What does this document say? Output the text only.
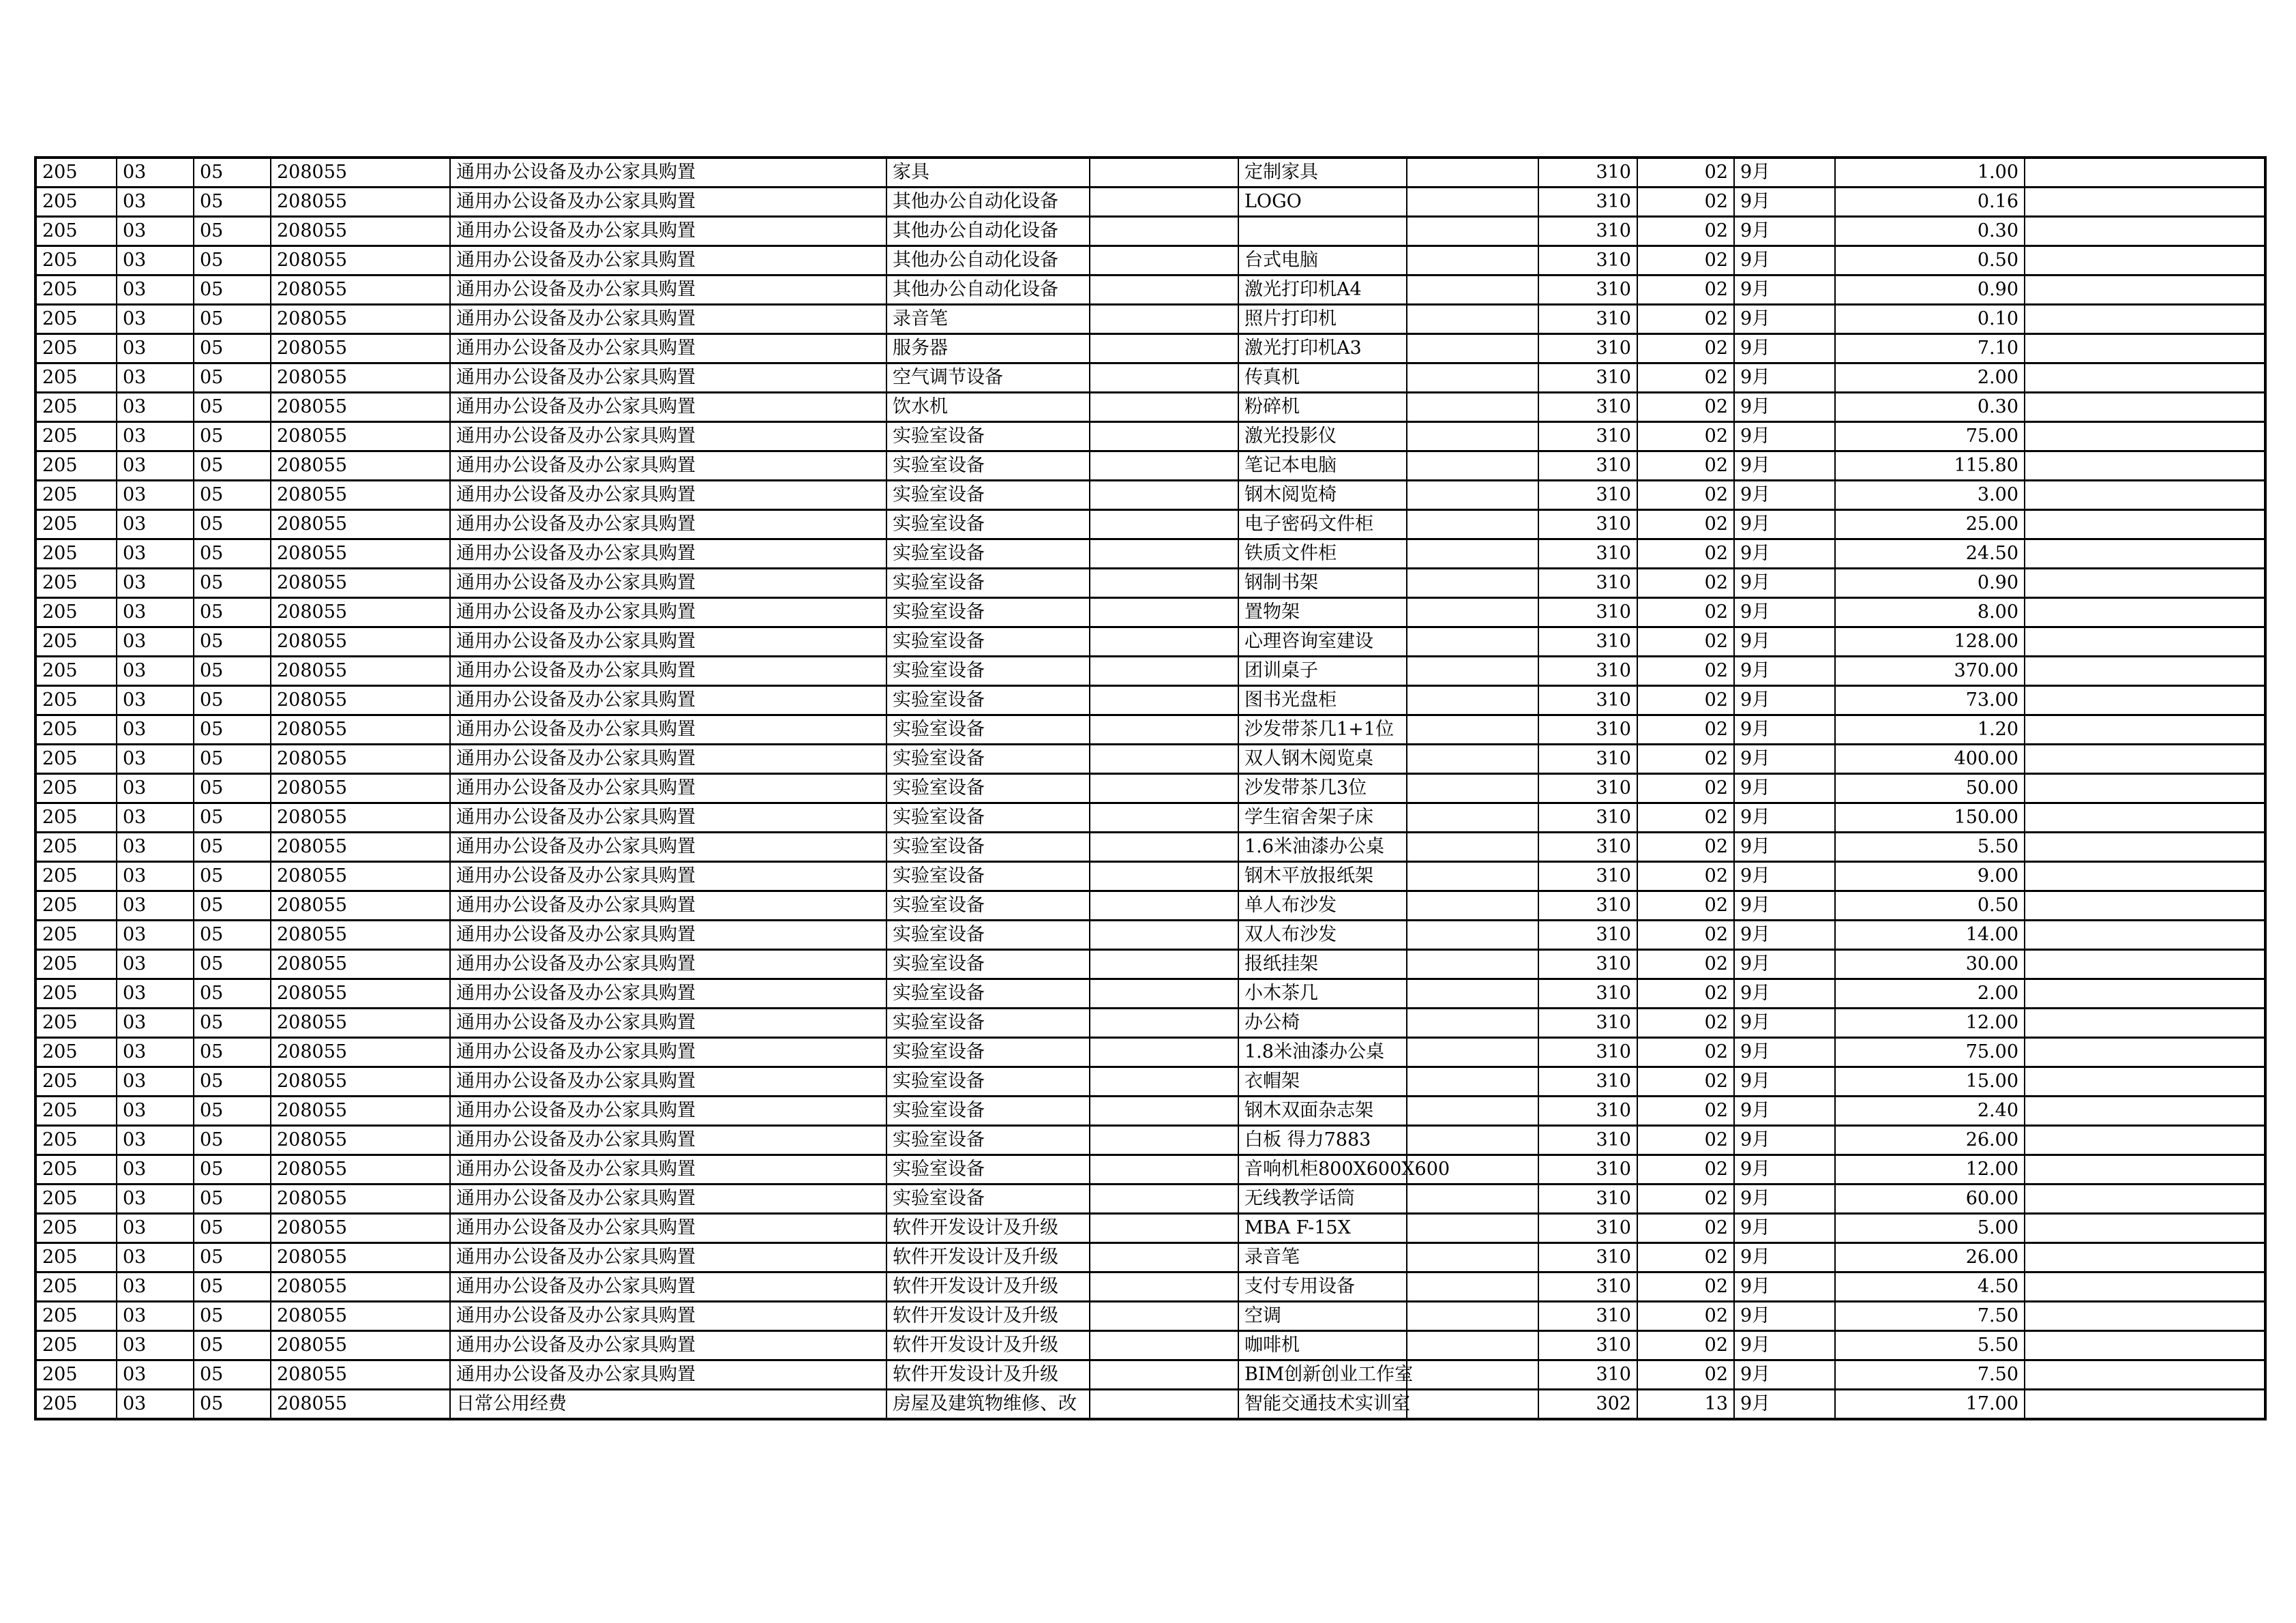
205	03	05	208055	通用办公设备及办公家具购置	家具		定制家具		310	02	9月	1.00	
205	03	05	208055	通用办公设备及办公家具购置	其他办公自动化设备		LOGO		310	02	9月	0.16	
205	03	05	208055	通用办公设备及办公家具购置	其他办公自动化设备				310	02	9月	0.30	
205	03	05	208055	通用办公设备及办公家具购置	其他办公自动化设备		台式电脑		310	02	9月	0.50	
205	03	05	208055	通用办公设备及办公家具购置	其他办公自动化设备		激光打印机A4		310	02	9月	0.90	
205	03	05	208055	通用办公设备及办公家具购置	录音笔		照片打印机		310	02	9月	0.10	
205	03	05	208055	通用办公设备及办公家具购置	服务器		激光打印机A3		310	02	9月	7.10	
205	03	05	208055	通用办公设备及办公家具购置	空气调节设备		传真机		310	02	9月	2.00	
205	03	05	208055	通用办公设备及办公家具购置	饮水机		粉碎机		310	02	9月	0.30	
205	03	05	208055	通用办公设备及办公家具购置	实验室设备		激光投影仪		310	02	9月	75.00	
205	03	05	208055	通用办公设备及办公家具购置	实验室设备		笔记本电脑		310	02	9月	115.80	
205	03	05	208055	通用办公设备及办公家具购置	实验室设备		钢木阅览椅		310	02	9月	3.00	
205	03	05	208055	通用办公设备及办公家具购置	实验室设备		电子密码文件柜		310	02	9月	25.00	
205	03	05	208055	通用办公设备及办公家具购置	实验室设备		铁质文件柜		310	02	9月	24.50	
205	03	05	208055	通用办公设备及办公家具购置	实验室设备		钢制书架		310	02	9月	0.90	
205	03	05	208055	通用办公设备及办公家具购置	实验室设备		置物架		310	02	9月	8.00	
205	03	05	208055	通用办公设备及办公家具购置	实验室设备		心理咨询室建设		310	02	9月	128.00	
205	03	05	208055	通用办公设备及办公家具购置	实验室设备		团训桌子		310	02	9月	370.00	
205	03	05	208055	通用办公设备及办公家具购置	实验室设备		图书光盘柜		310	02	9月	73.00	
205	03	05	208055	通用办公设备及办公家具购置	实验室设备		沙发带茶几1+1位		310	02	9月	1.20	
205	03	05	208055	通用办公设备及办公家具购置	实验室设备		双人钢木阅览桌		310	02	9月	400.00	
205	03	05	208055	通用办公设备及办公家具购置	实验室设备		沙发带茶几3位		310	02	9月	50.00	
205	03	05	208055	通用办公设备及办公家具购置	实验室设备		学生宿舍架子床		310	02	9月	150.00	
205	03	05	208055	通用办公设备及办公家具购置	实验室设备		1.6米油漆办公桌		310	02	9月	5.50	
205	03	05	208055	通用办公设备及办公家具购置	实验室设备		钢木平放报纸架		310	02	9月	9.00	
205	03	05	208055	通用办公设备及办公家具购置	实验室设备		单人布沙发		310	02	9月	0.50	
205	03	05	208055	通用办公设备及办公家具购置	实验室设备		双人布沙发		310	02	9月	14.00	
205	03	05	208055	通用办公设备及办公家具购置	实验室设备		报纸挂架		310	02	9月	30.00	
205	03	05	208055	通用办公设备及办公家具购置	实验室设备		小木茶几		310	02	9月	2.00	
205	03	05	208055	通用办公设备及办公家具购置	实验室设备		办公椅		310	02	9月	12.00	
205	03	05	208055	通用办公设备及办公家具购置	实验室设备		1.8米油漆办公桌		310	02	9月	75.00	
205	03	05	208055	通用办公设备及办公家具购置	实验室设备		衣帽架		310	02	9月	15.00	
205	03	05	208055	通用办公设备及办公家具购置	实验室设备		钢木双面杂志架		310	02	9月	2.40	
205	03	05	208055	通用办公设备及办公家具购置	实验室设备		白板 得力7883		310	02	9月	26.00	
205	03	05	208055	通用办公设备及办公家具购置	实验室设备		音响机柜800X600X600		310	02	9月	12.00	
205	03	05	208055	通用办公设备及办公家具购置	实验室设备		无线教学话筒		310	02	9月	60.00	
205	03	05	208055	通用办公设备及办公家具购置	软件开发设计及升级		MBA F-15X		310	02	9月	5.00	
205	03	05	208055	通用办公设备及办公家具购置	软件开发设计及升级		录音笔		310	02	9月	26.00	
205	03	05	208055	通用办公设备及办公家具购置	软件开发设计及升级		支付专用设备		310	02	9月	4.50	
205	03	05	208055	通用办公设备及办公家具购置	软件开发设计及升级		空调		310	02	9月	7.50	
205	03	05	208055	通用办公设备及办公家具购置	软件开发设计及升级		咖啡机		310	02	9月	5.50	
205	03	05	208055	通用办公设备及办公家具购置	软件开发设计及升级		BIM创新创业工作室		310	02	9月	7.50	
205	03	05	208055	日常公用经费	房屋及建筑物维修、改		智能交通技术实训室		302	13	9月	17.00	
